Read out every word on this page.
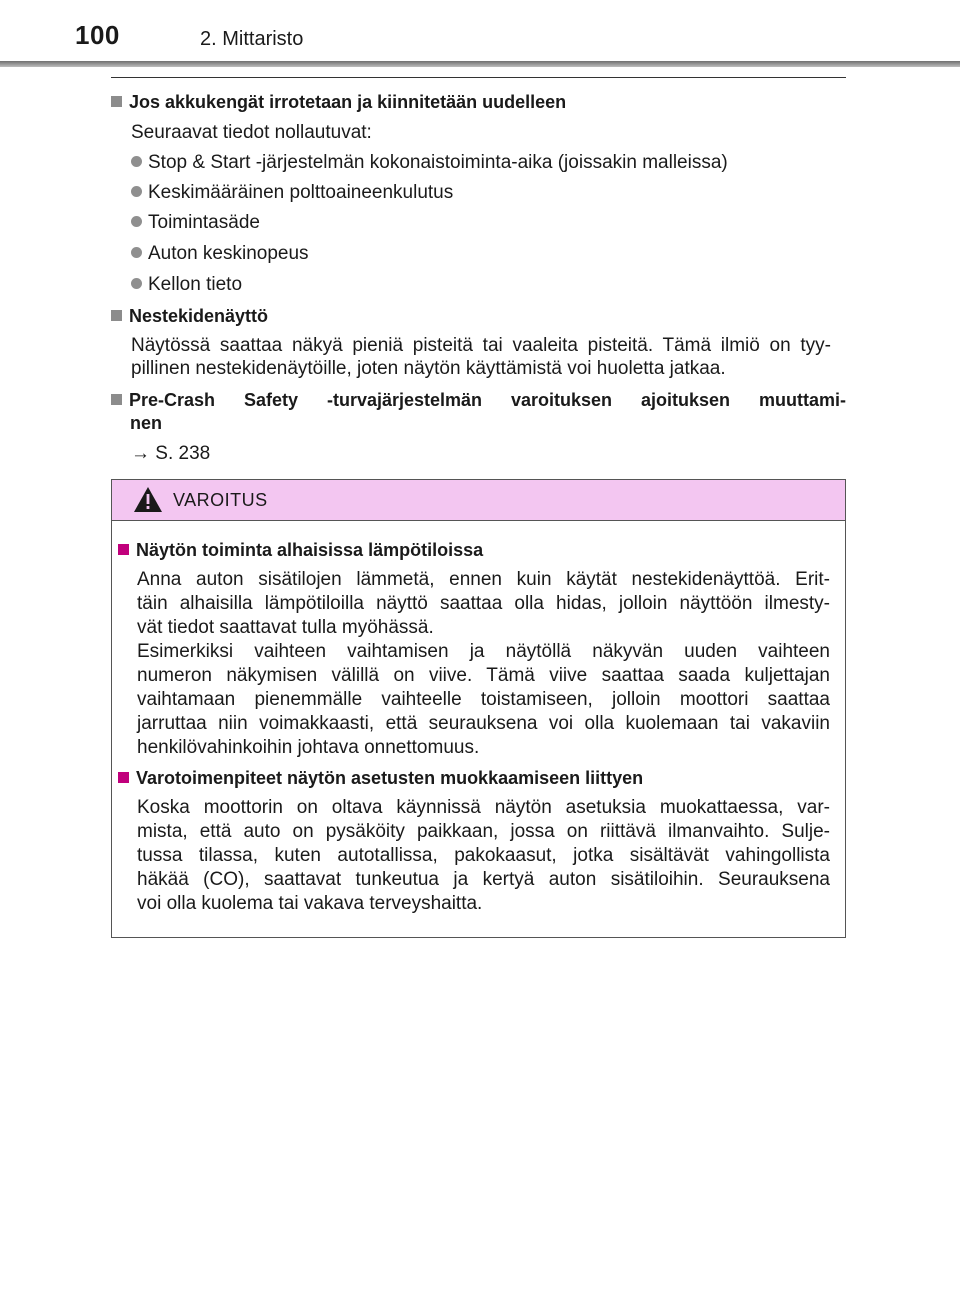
100	2. Mittaristo
Jos akkukengät irrotetaan ja kiinnitetään uudelleen
Seuraavat tiedot nollautuvat:
Stop & Start -järjestelmän kokonaistoiminta-aika (joissakin malleissa)
Keskimääräinen polttoaineenkulutus
Toimintasäde
Auton keskinopeus
Kellon tieto
Nestekidenäyttö
Näytössä saattaa näkyä pieniä pisteitä tai vaaleita pisteitä. Tämä ilmiö on tyy-
pillinen nestekidenäytöille, joten näytön käyttämistä voi huoletta jatkaa.
Pre-Crash Safety -turvajärjestelmän varoituksen ajoituksen muuttami-
nen
→ S. 238
VAROITUS
Näytön toiminta alhaisissa lämpötiloissa
Anna auton sisätilojen lämmetä, ennen kuin käytät nestekidenäyttöä. Erit-
täin alhaisilla lämpötiloilla näyttö saattaa olla hidas, jolloin näyttöön ilmesty-
vät tiedot saattavat tulla myöhässä.
Esimerkiksi vaihteen vaihtamisen ja näytöllä näkyvän uuden vaihteen
numeron näkymisen välillä on viive. Tämä viive saattaa saada kuljettajan
vaihtamaan pienemmälle vaihteelle toistamiseen, jolloin moottori saattaa
jarruttaa niin voimakkaasti, että seurauksena voi olla kuolemaan tai vakaviin
henkilövahinkoihin johtava onnettomuus.
Varotoimenpiteet näytön asetusten muokkaamiseen liittyen
Koska moottorin on oltava käynnissä näytön asetuksia muokattaessa, var-
mista, että auto on pysäköity paikkaan, jossa on riittävä ilmanvaihto. Sulje-
tussa tilassa, kuten autotallissa, pakokaasut, jotka sisältävät vahingollista
häkää (CO), saattavat tunkeutua ja kertyä auton sisätiloihin. Seurauksena
voi olla kuolema tai vakava terveyshaitta.
